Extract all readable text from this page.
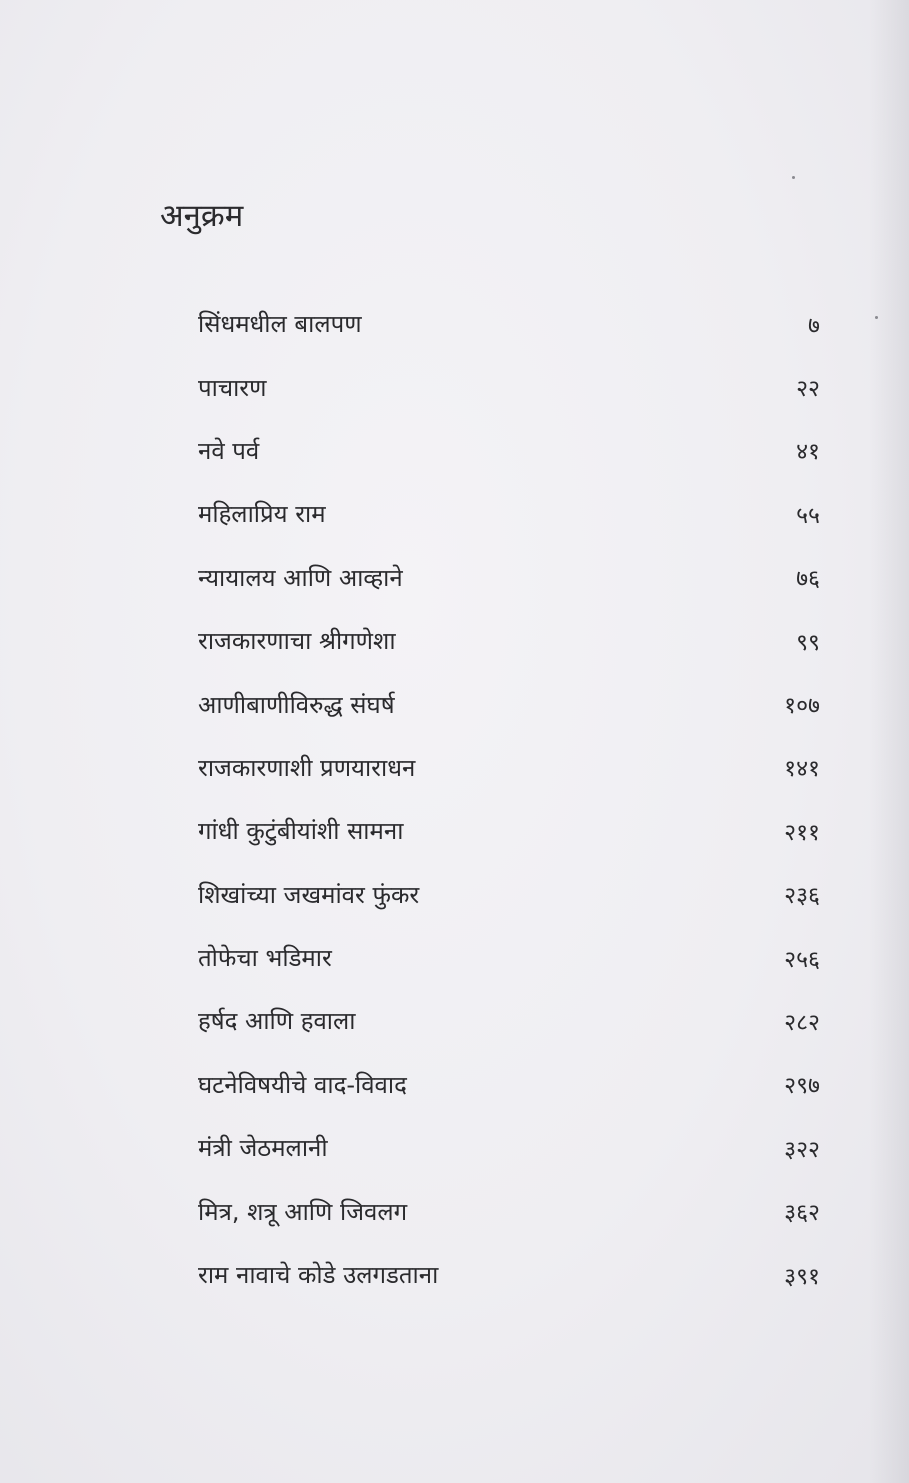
अनुक्रम
सिंधमधील बालपण	७
पाचारण	२२
नवे पर्व	४१
महिलाप्रिय राम	५५
न्यायालय आणि आव्हाने	७६
राजकारणाचा श्रीगणेशा	९९
आणीबाणीविरुद्ध संघर्ष	१०७
राजकारणाशी प्रणयाराधन	१४१
गांधी कुटुंबीयांशी सामना	२११
शिखांच्या जखमांवर फुंकर	२३६
तोफेचा भडिमार	२५६
हर्षद आणि हवाला	२८२
घटनेविषयीचे वाद-विवाद	२९७
मंत्री जेठमलानी	३२२
मित्र, शत्रू आणि जिवलग	३६२
राम नावाचे कोडे उलगडताना	३९१
